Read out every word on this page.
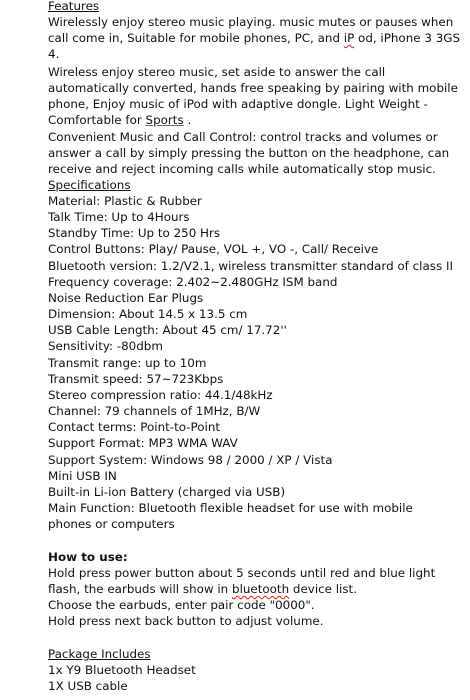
Features
Wirelessly enjoy stereo music playing. music mutes or pauses when
call come in, Suitable for mobile phones, PC, and iP od, iPhone 3 3GS
4.
Wireless enjoy stereo music, set aside to answer the call
automatically converted, hands free speaking by pairing with mobile
phone, Enjoy music of iPod with adaptive dongle. Light Weight -
Comfortable for Sports .
Convenient Music and Call Control: control tracks and volumes or
answer a call by simply pressing the button on the headphone, can
receive and reject incoming calls while automatically stop music.
Specifications
Material: Plastic & Rubber
Talk Time: Up to 4Hours
Standby Time: Up to 250 Hrs
Control Buttons: Play/ Pause, VOL +, VO -, Call/ Receive
Bluetooth version: 1.2/V2.1, wireless transmitter standard of class II
Frequency coverage: 2.402~2.480GHz ISM band
Noise Reduction Ear Plugs
Dimension: About 14.5 x 13.5 cm
USB Cable Length: About 45 cm/ 17.72''
Sensitivity: -80dbm
Transmit range: up to 10m
Transmit speed: 57~723Kbps
Stereo compression ratio: 44.1/48kHz
Channel: 79 channels of 1MHz, B/W
Contact terms: Point-to-Point
Support Format: MP3 WMA WAV
Support System: Windows 98 / 2000 / XP / Vista
Mini USB IN
Built-in Li-ion Battery (charged via USB)
Main Function: Bluetooth flexible headset for use with mobile
phones or computers
How to use:
Hold press power button about 5 seconds until red and blue light
flash, the earbuds will show in bluetooth device list.
Choose the earbuds, enter pair code "0000".
Hold press next back button to adjust volume.
Package Includes
1x Y9 Bluetooth Headset
1X USB cable
